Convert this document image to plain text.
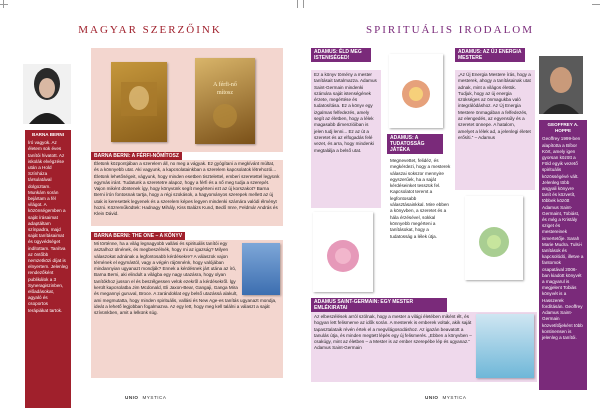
MAGYAR SZERZŐINK

BARNA BERNI

Író vagyok. Az életem sok éves tanítói hivatott. Az iskolák elvégzése után a Hold Színháza társulatával dolgoztam. Munkám során bejártam a fél világot. A közönségemben a saját írásaimat adaptáltam színpadra, majd saját tanításaimat és ügyvédséget indítottam. Tanítva az öntőbb nemzetközi díjat is elnyertem. Jelenleg rendezőként publikálok a 3 Syneragiszinben, előadásokat, agyaló és csoportos terápiákat tartok.

A férfi-nő
mítosz
BARNA BERNI: A FÉRFI-NŐMÍTOSZ

Életünk központjában a szerelem áll, no meg a vágyak. Ez gyógítani a megkívánt múltat, és a könnyebb utat. Aki vagyunk, a kapcsolatainkban a szerelem kapcsolatok létrehozói... Életünk lehetőségeit, vágyunk, hogy minden esetben tisztelettel, emberi szeretettel legyünk egymás iránt. Tudatunk a szeretetre alapoz, hogy a férfi és a nő meg tudja a szerepét. Vajon miként döntenek így, hogy könyvünk segít megérteni ezt az új korszakot? Barna Berni írón fontosnak tartja, hogy a régi szokások, a hagyományos szerepek mellett az új utak is keresettek legyenek és a szerelem képes legyen mindenki számára valódi élményt hozni. Közreműködtek: Hadnagy Mihály, Kiss Balázs Kund, Bedő Imre, Feldmár András és Klein Dávid.

BARNA BERNI: THE ONE – A KÖNYV

Mi történne, ha a világ legnagyobb vallási és spirituális tanítói egy asztalhoz ülnének, és megbeszélnék, hogy mi az igazság? Milyen válaszokat adnának a legfontosabb kérdésekre? A válaszok vajon térnének el egymástól, vagy a végén rájönnénk, hogy valójában mindannyian ugyanazt mondják? Ennek a kérdésnek járt utána az író, Barna Berni, aki elindult a világba egy nagy utazásra, hogy olyan tanítókhoz jusson el és beszélgessen velük ezekről a kérdésekről. Így került kapcsolatba Jim Mcdonald, Eli Jaxon-Bear, Gangaji, Ganga Mira és megannyi guruval, Broce. A zarándoklat egy belső utazássá alakult, ami megmutatta, hogy minden spirituális, vallási és New Age-es tanítás ugyanazt mondja, ideát a lehető legjobban fogalmazva. Az egy lett, hogy meg kell találni a választ a saját szívünkben, amit a lelkünk súg.

UNIO MYSTICA
SPIRITUÁLIS IRODALOM
ADAMUS: ÉLD MEG ISTENISÉGED!

Ez a könyv tömény a mester tanításait tartalmazza. Adamus Saint-Germain mindenki számára saját istenségének érzete, megértése és tudatosítása. Ez a könyv egy izgalmas felfedezés, amely segít az életben, hogy a lélek magasabb dimenzióiban is jelen tudj lenni... Ez az út a szeretet és az elfogadás felé vezet, és arra, hogy mindenki megtalálja a belső utat.

ADAMUS: A TUDATOSSÁG JÁTÉKA

Megnevettet, felidéz, és megkérdezi, hogy a mesterek válaszai sokszor mennyire egyszerűek, ha a saját kérdéseinket tesszük fel. Kapcsolatot teremt a legfontosabb választásainkkal. Mire ebben a könyvben, a szeretet és a hála érzésével, sokkal könnyebb megérteni a tanításokat, hogy a tudatosság a lélek útja.

ADAMUS: AZ ÚJ ENERGIA MESTERE

„Az Új Energia Mestere írás, hogy a mesterek, ahogy a tanításainak utat adnak, mint a világos életük. Tudjuk, hogy az új energia szükséges az önmagukba való integrálódáshoz. Az Új Energia Mestere önmagában a felfedezés, az elengedés, az egyensúly és a szeretet ünnepe. A hatalom, amelyet a lélek ad, a jelenlegi életet erősíti.” – Adamus

GEOFFREY A. HOPPE

Geoffrey 1999-ben alapította a Bíbor Kört, amely igen gyorsan között a Föld egyik vezető spirituális közösségévé vált. Jelenleg több angyali könyvre tanít és közvetít, többek között Adamus Saint-Germaint, Tobiást, és még a Kristály sziget és mestereinek ismertetője. Sarah Marie Mudra. Tulsi-i tanítások és kapcsolódó, illetve a fantomok csapatával 2006-ban kiadott könyvét a magyarul is megjelent Tobiás könyvét is a Hasszerek fordításán. Geoffrey Adamus Saint-Germain közvetítőjeként több kontinensen is jelenleg a tanítói.

ADAMUS SAINT-GERMAIN: EGY MESTER EMLÉKIRATAI

Az elbeszélések arról szólnak, hogy a mester a világi életében miként élt, és hogyan lett felismerve az idők során. A mesterek is emberek voltak, akik saját tapasztalataik révén értek el a megvilágosodáshoz. Az igazán beavatott a tanulás útja, és minden megtett lépés egy új felismerés. „Ebben a könyvben – csakúgy, mint az életben – a Mester is az ember szerepébe lép és ugyanaz.” Adamus Saint-Germain

UNIO MYSTICA
